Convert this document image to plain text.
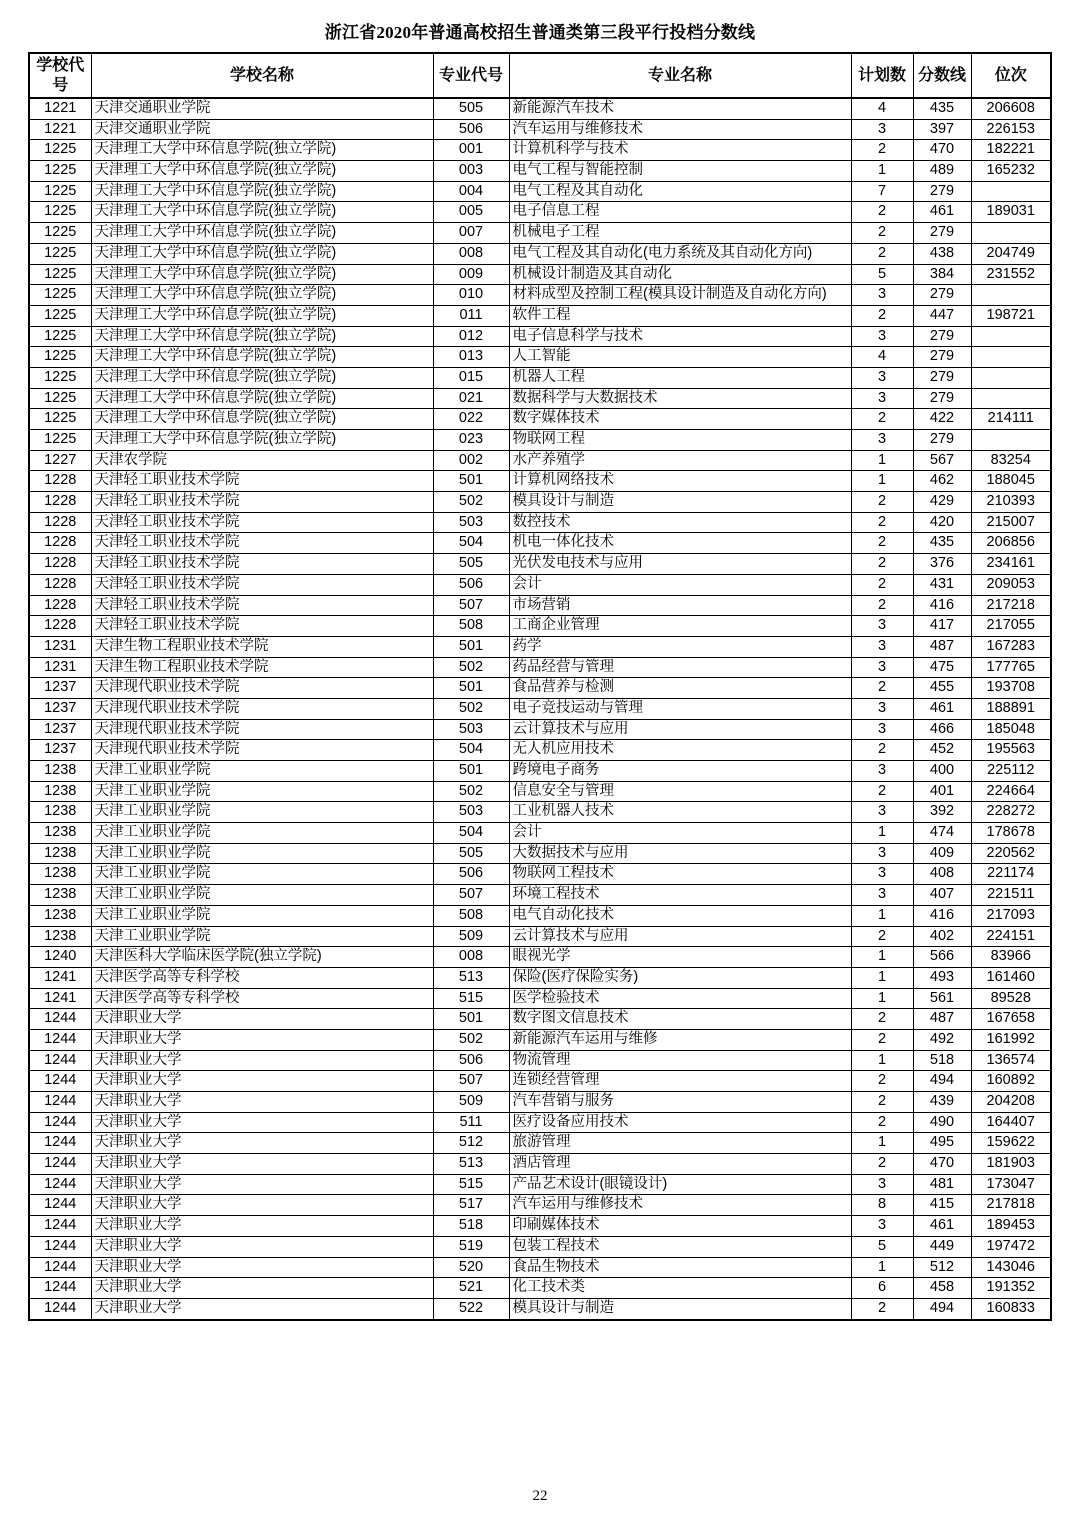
浙江省2020年普通高校招生普通类第三段平行投档分数线
学校代号	学校名称	专业代号	专业名称	计划数	分数线	位次
1221	天津交通职业学院	505	新能源汽车技术	4	435	206608
1221	天津交通职业学院	506	汽车运用与维修技术	3	397	226153
1225	天津理工大学中环信息学院(独立学院)	001	计算机科学与技术	2	470	182221
1225	天津理工大学中环信息学院(独立学院)	003	电气工程与智能控制	1	489	165232
1225	天津理工大学中环信息学院(独立学院)	004	电气工程及其自动化	7	279	
1225	天津理工大学中环信息学院(独立学院)	005	电子信息工程	2	461	189031
1225	天津理工大学中环信息学院(独立学院)	007	机械电子工程	2	279	
1225	天津理工大学中环信息学院(独立学院)	008	电气工程及其自动化(电力系统及其自动化方向)	2	438	204749
1225	天津理工大学中环信息学院(独立学院)	009	机械设计制造及其自动化	5	384	231552
1225	天津理工大学中环信息学院(独立学院)	010	材料成型及控制工程(模具设计制造及自动化方向)	3	279	
1225	天津理工大学中环信息学院(独立学院)	011	软件工程	2	447	198721
1225	天津理工大学中环信息学院(独立学院)	012	电子信息科学与技术	3	279	
1225	天津理工大学中环信息学院(独立学院)	013	人工智能	4	279	
1225	天津理工大学中环信息学院(独立学院)	015	机器人工程	3	279	
1225	天津理工大学中环信息学院(独立学院)	021	数据科学与大数据技术	3	279	
1225	天津理工大学中环信息学院(独立学院)	022	数字媒体技术	2	422	214111
1225	天津理工大学中环信息学院(独立学院)	023	物联网工程	3	279	
1227	天津农学院	002	水产养殖学	1	567	83254
1228	天津轻工职业技术学院	501	计算机网络技术	1	462	188045
1228	天津轻工职业技术学院	502	模具设计与制造	2	429	210393
1228	天津轻工职业技术学院	503	数控技术	2	420	215007
1228	天津轻工职业技术学院	504	机电一体化技术	2	435	206856
1228	天津轻工职业技术学院	505	光伏发电技术与应用	2	376	234161
1228	天津轻工职业技术学院	506	会计	2	431	209053
1228	天津轻工职业技术学院	507	市场营销	2	416	217218
1228	天津轻工职业技术学院	508	工商企业管理	3	417	217055
1231	天津生物工程职业技术学院	501	药学	3	487	167283
1231	天津生物工程职业技术学院	502	药品经营与管理	3	475	177765
1237	天津现代职业技术学院	501	食品营养与检测	2	455	193708
1237	天津现代职业技术学院	502	电子竞技运动与管理	3	461	188891
1237	天津现代职业技术学院	503	云计算技术与应用	3	466	185048
1237	天津现代职业技术学院	504	无人机应用技术	2	452	195563
1238	天津工业职业学院	501	跨境电子商务	3	400	225112
1238	天津工业职业学院	502	信息安全与管理	2	401	224664
1238	天津工业职业学院	503	工业机器人技术	3	392	228272
1238	天津工业职业学院	504	会计	1	474	178678
1238	天津工业职业学院	505	大数据技术与应用	3	409	220562
1238	天津工业职业学院	506	物联网工程技术	3	408	221174
1238	天津工业职业学院	507	环境工程技术	3	407	221511
1238	天津工业职业学院	508	电气自动化技术	1	416	217093
1238	天津工业职业学院	509	云计算技术与应用	2	402	224151
1240	天津医科大学临床医学院(独立学院)	008	眼视光学	1	566	83966
1241	天津医学高等专科学校	513	保险(医疗保险实务)	1	493	161460
1241	天津医学高等专科学校	515	医学检验技术	1	561	89528
1244	天津职业大学	501	数字图文信息技术	2	487	167658
1244	天津职业大学	502	新能源汽车运用与维修	2	492	161992
1244	天津职业大学	506	物流管理	1	518	136574
1244	天津职业大学	507	连锁经营管理	2	494	160892
1244	天津职业大学	509	汽车营销与服务	2	439	204208
1244	天津职业大学	511	医疗设备应用技术	2	490	164407
1244	天津职业大学	512	旅游管理	1	495	159622
1244	天津职业大学	513	酒店管理	2	470	181903
1244	天津职业大学	515	产品艺术设计(眼镜设计)	3	481	173047
1244	天津职业大学	517	汽车运用与维修技术	8	415	217818
1244	天津职业大学	518	印刷媒体技术	3	461	189453
1244	天津职业大学	519	包装工程技术	5	449	197472
1244	天津职业大学	520	食品生物技术	1	512	143046
1244	天津职业大学	521	化工技术类	6	458	191352
1244	天津职业大学	522	模具设计与制造	2	494	160833
22
